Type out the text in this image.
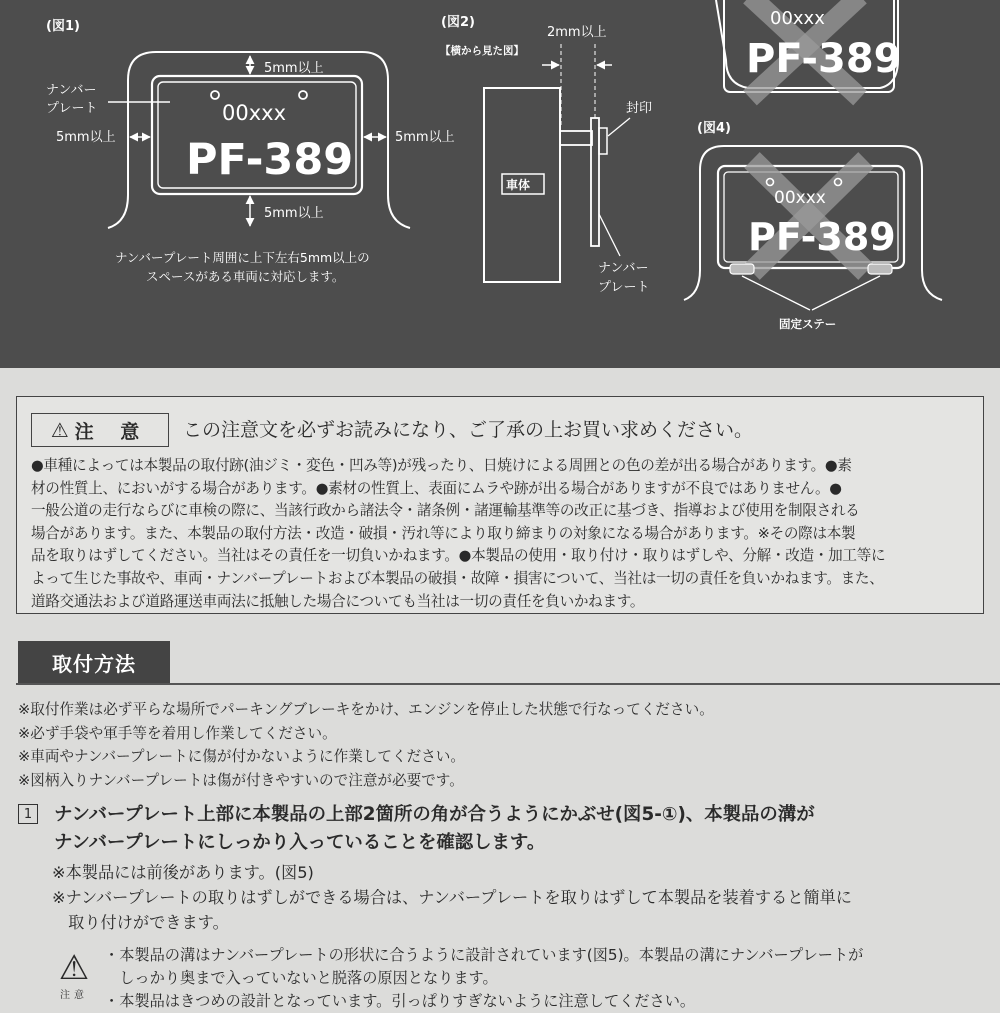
(図1)
00xxx
PF-389
5mm以上
5mm以上
5mm以上	5mm以上
ナンバー
プレート
ナンバープレート周囲に上下左右5mm以上の
スペースがある車両に対応します。
(図2)
2mm以上
【横から見た図】
車体
封印
ナンバー
プレート
00xxx
PF-389
(図4)
00xxx
PF-389
固定ステー
⚠ 注 意 この注意文を必ずお読みになり、ご了承の上お買い求めください。
●車種によっては本製品の取付跡(油ジミ・変色・凹み等)が残ったり、日焼けによる周囲との色の差が出る場合があります。●素
材の性質上、においがする場合があります。●素材の性質上、表面にムラや跡が出る場合がありますが不良ではありません。●
一般公道の走行ならびに車検の際に、当該行政から諸法令・諸条例・諸運輸基準等の改正に基づき、指導および使用を制限される
場合があります。また、本製品の取付方法・改造・破損・汚れ等により取り締まりの対象になる場合があります。※その際は本製
品を取りはずしてください。当社はその責任を一切負いかねます。●本製品の使用・取り付け・取りはずしや、分解・改造・加工等に
よって生じた事故や、車両・ナンバープレートおよび本製品の破損・故障・損害について、当社は一切の責任を負いかねます。また、
道路交通法および道路運送車両法に抵触した場合についても当社は一切の責任を負いかねます。
取付方法
※取付作業は必ず平らな場所でパーキングブレーキをかけ、エンジンを停止した状態で行なってください。
※必ず手袋や軍手等を着用し作業してください。
※車両やナンバープレートに傷が付かないように作業してください。
※図柄入りナンバープレートは傷が付きやすいので注意が必要です。
1	ナンバープレート上部に本製品の上部2箇所の角が合うようにかぶせ(図5-①)、本製品の溝が
ナンバープレートにしっかり入っていることを確認します。
※本製品には前後があります。(図5)
※ナンバープレートの取りはずしができる場合は、ナンバープレートを取りはずして本製品を装着すると簡単に
　取り付けができます。
⚠
注意
・本製品の溝はナンバープレートの形状に合うように設計されています(図5)。本製品の溝にナンバープレートが
　しっかり奥まで入っていないと脱落の原因となります。
・本製品はきつめの設計となっています。引っぱりすぎないように注意してください。
